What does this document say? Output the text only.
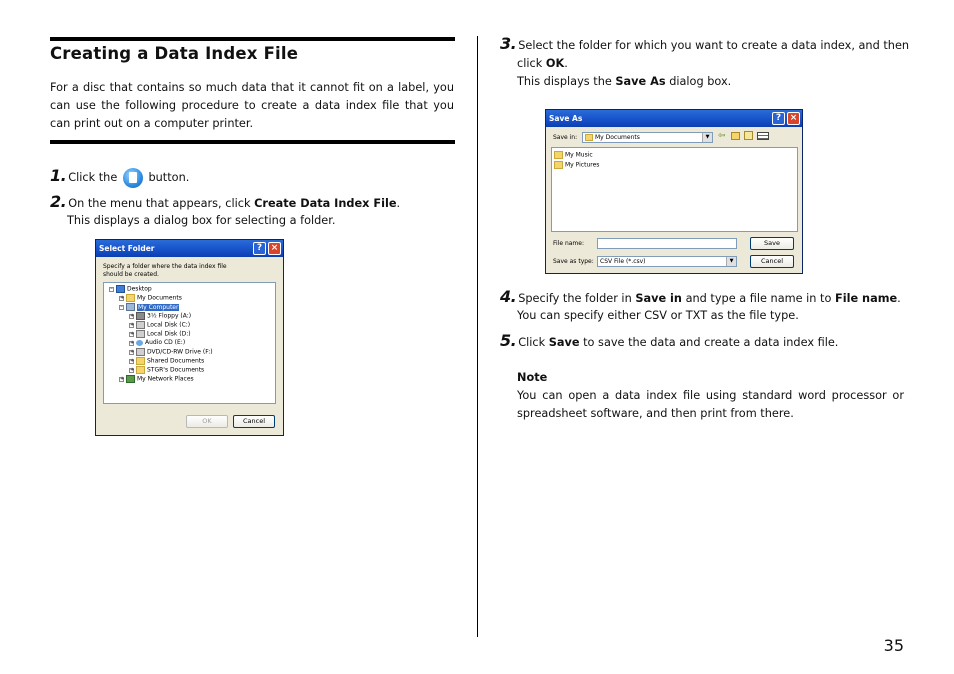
Creating a Data Index File
For a disc that contains so much data that it cannot fit on a label, you can use the following procedure to create a data index file that you can print out on a computer printer.
1. Click the	button.
2. On the menu that appears, click Create Data Index File.
This displays a dialog box for selecting a folder.
Select Folder	? ×
Specify a folder where the data index file should be created.
–	Desktop
+	My Documents
–	My Computer
+	3½ Floppy (A:)
+	Local Disk (C:)
+	Local Disk (D:)
+	Audio CD (E:)
+	DVD/CD-RW Drive (F:)
+	Shared Documents
+	STGR's Documents
+	My Network Places
OK	Cancel
3. Select the folder for which you want to create a data index, and then
click OK.
This displays the Save As dialog box.
Save As	? ×
Save in:	My Documents	▼ ⇦
My Music
My Pictures
File name:	Save
Save as type:	CSV File (*.csv)	▼	Cancel
4. Specify the folder in Save in and type a file name in to File name.
You can specify either CSV or TXT as the file type.
5. Click Save to save the data and create a data index file.
Note
You can open a data index file using standard word processor or spreadsheet software, and then print from there.
35
